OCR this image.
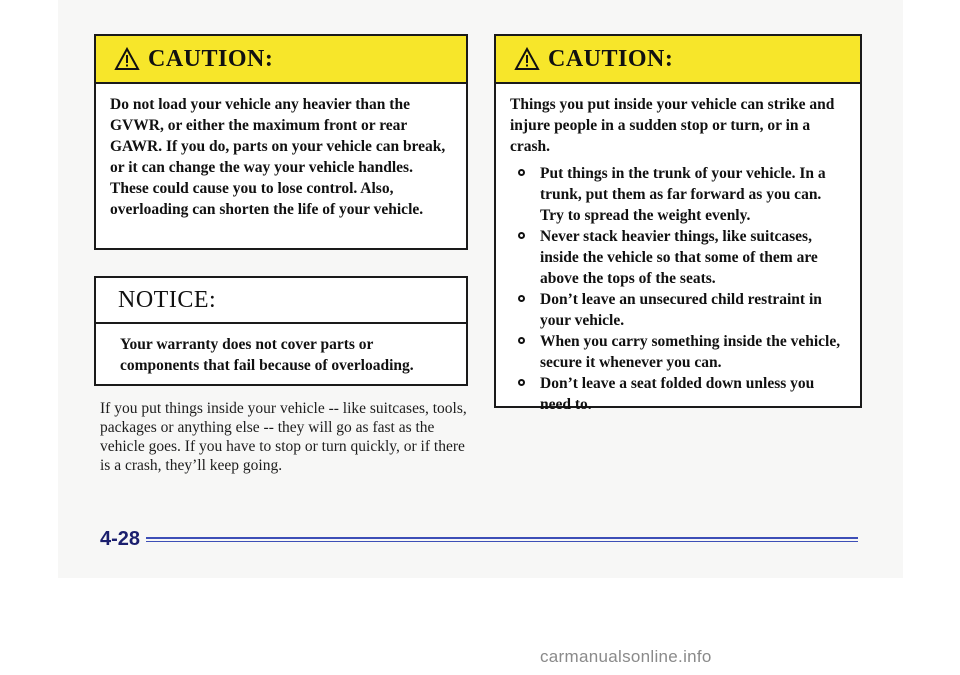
CAUTION:
Do not load your vehicle any heavier than the GVWR, or either the maximum front or rear GAWR. If you do, parts on your vehicle can break, or it can change the way your vehicle handles. These could cause you to lose control. Also, overloading can shorten the life of your vehicle.
NOTICE:
Your warranty does not cover parts or components that fail because of overloading.
If you put things inside your vehicle -- like suitcases, tools, packages or anything else -- they will go as fast as the vehicle goes. If you have to stop or turn quickly, or if there is a crash, they’ll keep going.
CAUTION:
Things you put inside your vehicle can strike and injure people in a sudden stop or turn, or in a crash.
Put things in the trunk of your vehicle. In a trunk, put them as far forward as you can. Try to spread the weight evenly.
Never stack heavier things, like suitcases, inside the vehicle so that some of them are above the tops of the seats.
Don’t leave an unsecured child restraint in your vehicle.
When you carry something inside the vehicle, secure it whenever you can.
Don’t leave a seat folded down unless you need to.
4-28
carmanualsonline.info
